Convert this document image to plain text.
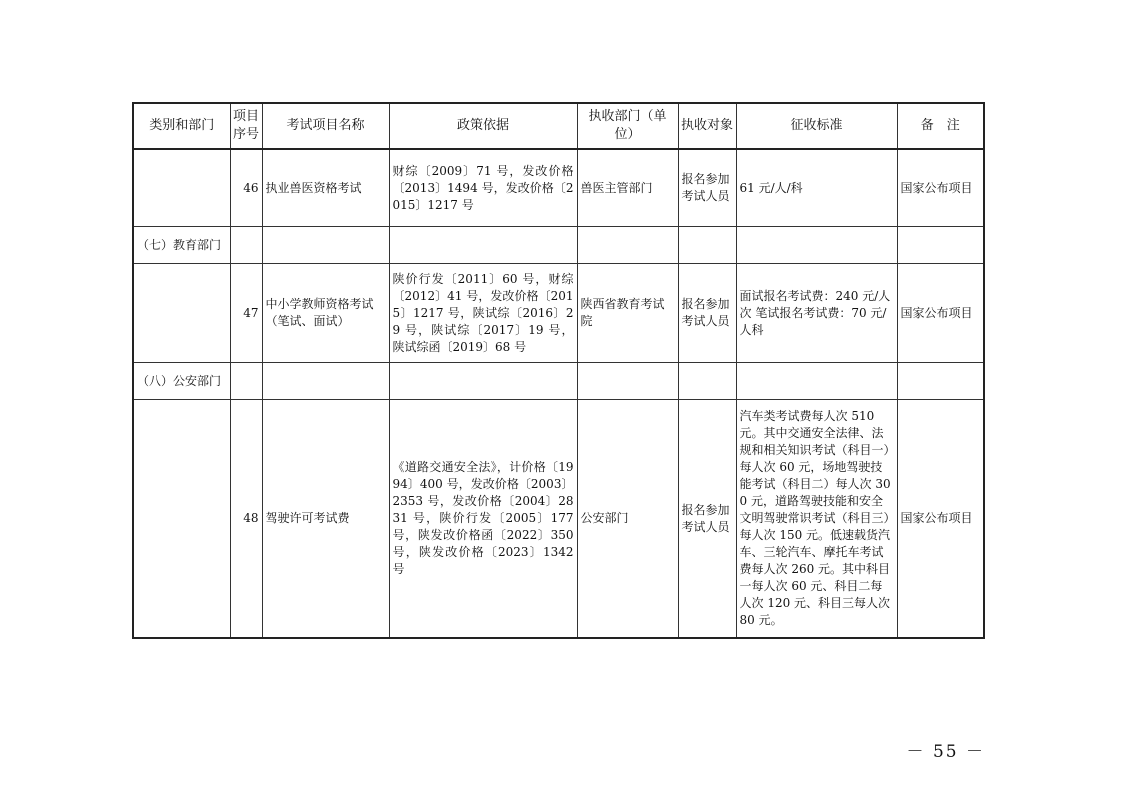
类别和部门	项目序号	考试项目名称	政策依据	执收部门（单位）	执收对象	征收标准	备　注
	46	执业兽医资格考试	财综〔2009〕71 号，发改价格〔2013〕1494 号，发改价格〔2015〕1217 号	兽医主管部门	报名参加考试人员	61 元/人/科	国家公布项目
（七）教育部门							
	47	中小学教师资格考试（笔试、面试）	陕价行发〔2011〕60 号，财综〔2012〕41 号，发改价格〔2015〕1217 号，陕试综〔2016〕29 号，陕试综〔2017〕19 号，陕试综函〔2019〕68 号	陕西省教育考试院	报名参加考试人员	面试报名考试费：240 元/人次 笔试报名考试费：70 元/人科	国家公布项目
（八）公安部门							
	48	驾驶许可考试费	《道路交通安全法》，计价格〔1994〕400 号，发改价格〔2003〕2353 号，发改价格〔2004〕2831 号，陕价行发〔2005〕177 号，陕发改价格函〔2022〕350 号，陕发改价格〔2023〕1342 号	公安部门	报名参加考试人员	汽车类考试费每人次 510 元。其中交通安全法律、法规和相关知识考试（科目一）每人次 60 元，场地驾驶技能考试（科目二）每人次 300 元，道路驾驶技能和安全文明驾驶常识考试（科目三）每人次 150 元。低速载货汽车、三轮汽车、摩托车考试费每人次 260 元。其中科目一每人次 60 元、科目二每人次 120 元、科目三每人次 80 元。	国家公布项目
－ 55 －
